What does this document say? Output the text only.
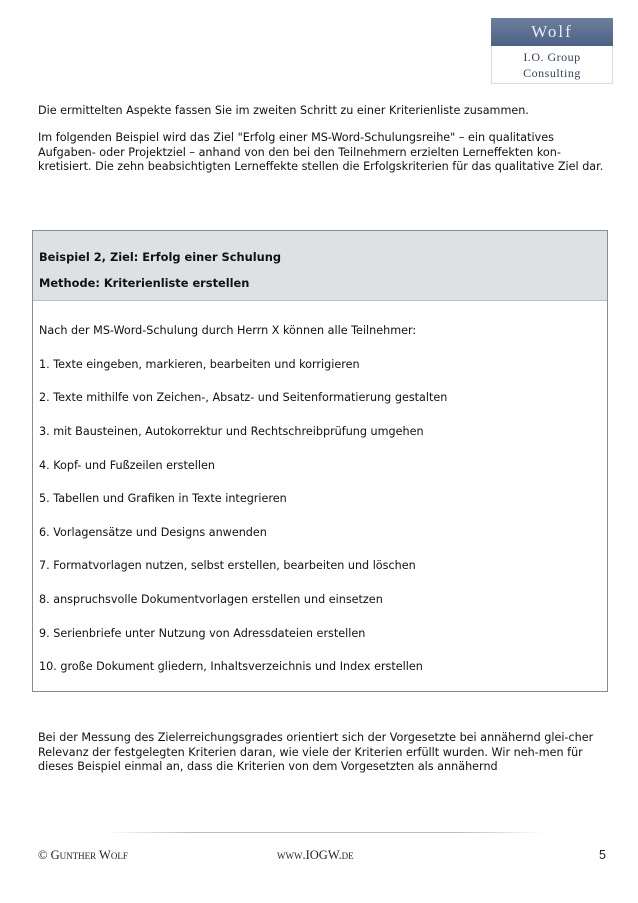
Wolf
I.O. Group
Consulting

Die ermittelten Aspekte fassen Sie im zweiten Schritt zu einer Kriterienliste zusammen.

Im folgenden Beispiel wird das Ziel "Erfolg einer MS-Word-Schulungsreihe" – ein qualitatives Aufgaben- oder Projektziel – anhand von den bei den Teilnehmern erzielten Lerneffekten kon-kretisiert. Die zehn beabsichtigten Lerneffekte stellen die Erfolgskriterien für das qualitative Ziel dar.

Beispiel 2, Ziel: Erfolg einer Schulung
Methode: Kriterienliste erstellen
Nach der MS-Word-Schulung durch Herrn X können alle Teilnehmer:
1. Texte eingeben, markieren, bearbeiten und korrigieren
2. Texte mithilfe von Zeichen-, Absatz- und Seitenformatierung gestalten
3. mit Bausteinen, Autokorrektur und Rechtschreibprüfung umgehen
4. Kopf- und Fußzeilen erstellen
5. Tabellen und Grafiken in Texte integrieren
6. Vorlagensätze und Designs anwenden
7. Formatvorlagen nutzen, selbst erstellen, bearbeiten und löschen
8. anspruchsvolle Dokumentvorlagen erstellen und einsetzen
9. Serienbriefe unter Nutzung von Adressdateien erstellen
10. große Dokument gliedern, Inhaltsverzeichnis und Index erstellen

Bei der Messung des Zielerreichungsgrades orientiert sich der Vorgesetzte bei annähernd glei-cher Relevanz der festgelegten Kriterien daran, wie viele der Kriterien erfüllt wurden. Wir neh-men für dieses Beispiel einmal an, dass die Kriterien von dem Vorgesetzten als annähernd

© Gunther Wolf	www.IOGW.de	5
